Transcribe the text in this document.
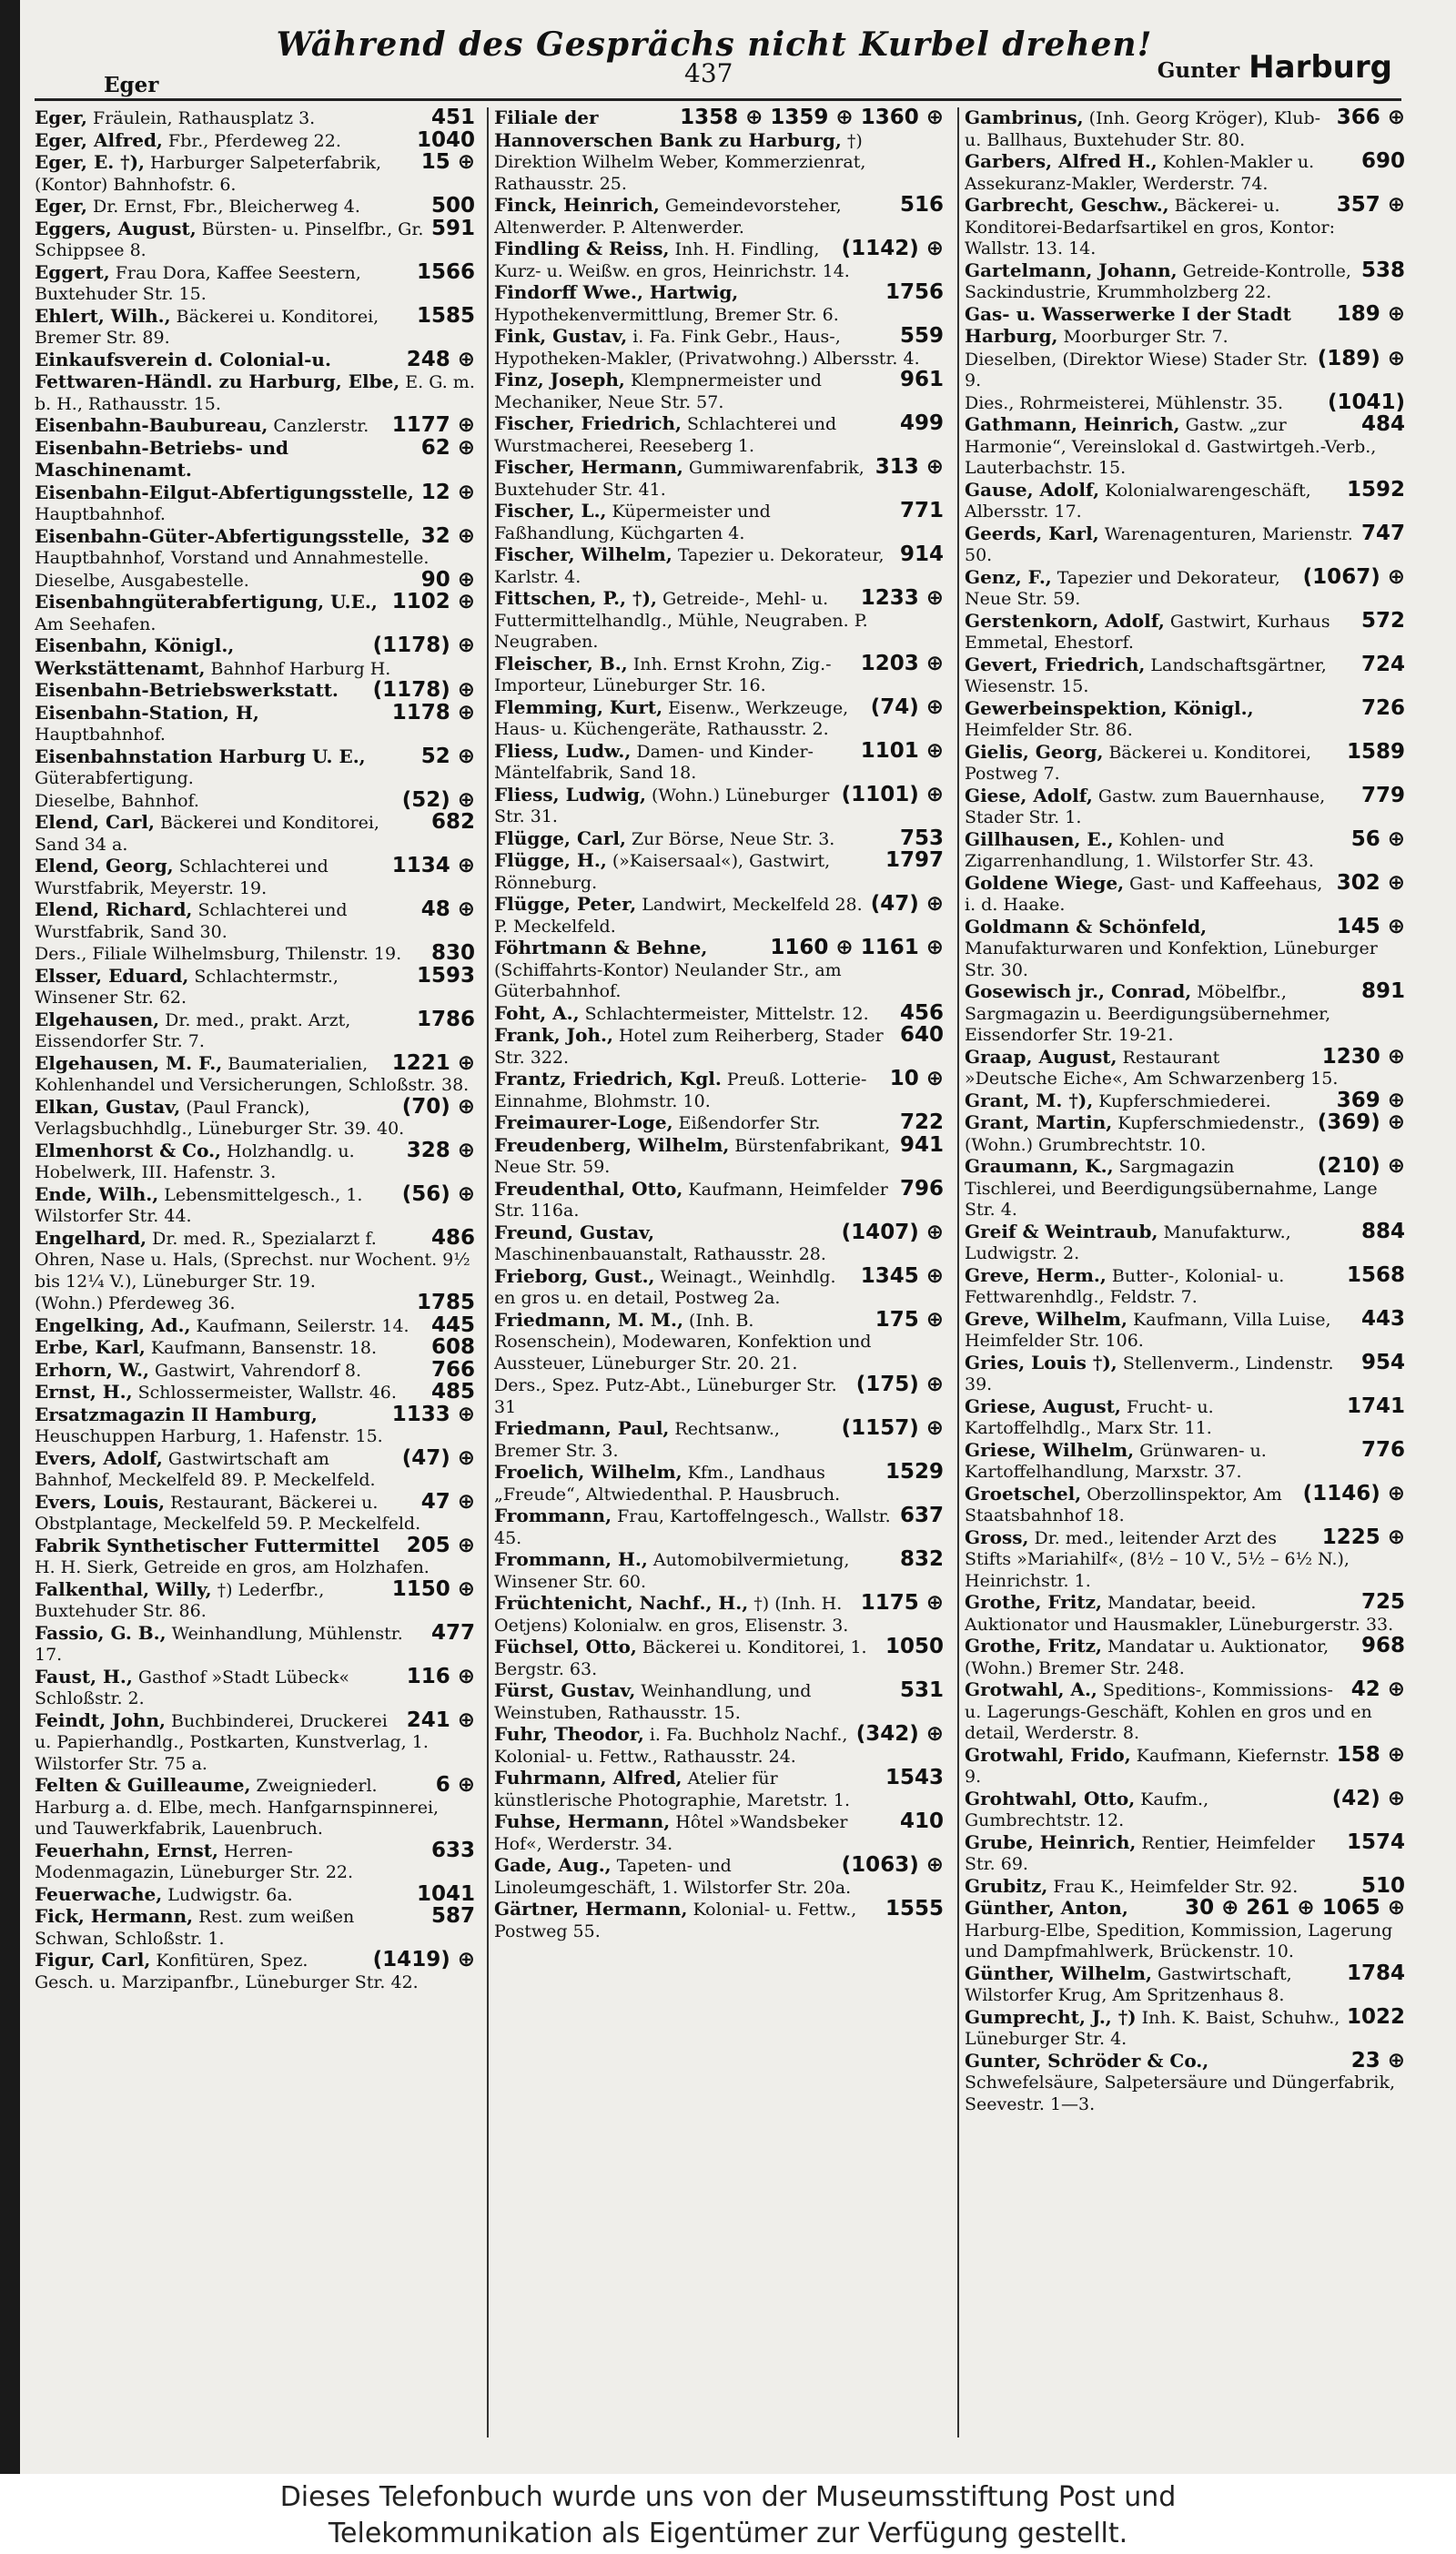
Während des Gesprächs nicht Kurbel drehen!
Eger	437	Gunter Harburg

451
Eger, Fräulein, Rathausplatz 3.

1040
Eger, Alfred, Fbr., Pferdeweg 22.

15 ⊕
Eger, E. †), Harburger Salpeterfabrik, (Kontor) Bahnhofstr. 6.

500
Eger, Dr. Ernst, Fbr., Bleicherweg 4.

591
Eggers, August, Bürsten- u. Pinselfbr., Gr. Schippsee 8.

1566
Eggert, Frau Dora, Kaffee Seestern, Buxtehuder Str. 15.

1585
Ehlert, Wilh., Bäckerei u. Konditorei, Bremer Str. 89.

248 ⊕
Einkaufsverein d. Colonial-u. Fettwaren-Händl. zu Harburg, Elbe, E. G. m. b. H., Rathausstr. 15.

1177 ⊕
Eisenbahn-Baubureau, Canzlerstr.

62 ⊕
Eisenbahn-Betriebs- und Maschinenamt.

12 ⊕
Eisenbahn-Eilgut-Abfertigungsstelle, Hauptbahnhof.

32 ⊕
Eisenbahn-Güter-Abfertigungsstelle, Hauptbahnhof, Vorstand und Annahmestelle.

90 ⊕
Dieselbe, Ausgabestelle.

1102 ⊕
Eisenbahngüterabfertigung, U.E., Am Seehafen.

(1178) ⊕
Eisenbahn, Königl., Werkstättenamt, Bahnhof Harburg H.

(1178) ⊕
Eisenbahn-Betriebswerkstatt.

1178 ⊕
Eisenbahn-Station, H, Hauptbahnhof.

52 ⊕
Eisenbahnstation Harburg U. E., Güterabfertigung.

(52) ⊕
Dieselbe, Bahnhof.

682
Elend, Carl, Bäckerei und Konditorei, Sand 34 a.

1134 ⊕
Elend, Georg, Schlachterei und Wurstfabrik, Meyerstr. 19.

48 ⊕
Elend, Richard, Schlachterei und Wurstfabrik, Sand 30.

830
Ders., Filiale Wilhelmsburg, Thilenstr. 19.

1593
Elsser, Eduard, Schlachtermstr., Winsener Str. 62.

1786
Elgehausen, Dr. med., prakt. Arzt, Eissendorfer Str. 7.

1221 ⊕
Elgehausen, M. F., Baumaterialien, Kohlenhandel und Versicherungen, Schloßstr. 38.

(70) ⊕
Elkan, Gustav, (Paul Franck), Verlagsbuchhdlg., Lüneburger Str. 39. 40.

328 ⊕
Elmenhorst & Co., Holzhandlg. u. Hobelwerk, III. Hafenstr. 3.

(56) ⊕
Ende, Wilh., Lebensmittelgesch., 1. Wilstorfer Str. 44.

486
Engelhard, Dr. med. R., Spezialarzt f. Ohren, Nase u. Hals, (Sprechst. nur Wochent. 9½ bis 12¼ V.), Lüneburger Str. 19.

1785
(Wohn.) Pferdeweg 36.

445
Engelking, Ad., Kaufmann, Seilerstr. 14.

608
Erbe, Karl, Kaufmann, Bansenstr. 18.

766
Erhorn, W., Gastwirt, Vahrendorf 8.

485
Ernst, H., Schlossermeister, Wallstr. 46.

1133 ⊕
Ersatzmagazin II Hamburg, Heuschuppen Harburg, 1. Hafenstr. 15.

(47) ⊕
Evers, Adolf, Gastwirtschaft am Bahnhof, Meckelfeld 89. P. Meckelfeld.

47 ⊕
Evers, Louis, Restaurant, Bäckerei u. Obstplantage, Meckelfeld 59. P. Meckelfeld.

205 ⊕
Fabrik Synthetischer Futtermittel H. H. Sierk, Getreide en gros, am Holzhafen.

1150 ⊕
Falkenthal, Willy, †) Lederfbr., Buxtehuder Str. 86.

477
Fassio, G. B., Weinhandlung, Mühlenstr. 17.

116 ⊕
Faust, H., Gasthof »Stadt Lübeck« Schloßstr. 2.

241 ⊕
Feindt, John, Buchbinderei, Druckerei u. Papierhandlg., Postkarten, Kunstverlag, 1. Wilstorfer Str. 75 a.

6 ⊕
Felten & Guilleaume, Zweigniederl. Harburg a. d. Elbe, mech. Hanfgarnspinnerei, und Tauwerkfabrik, Lauenbruch.

633
Feuerhahn, Ernst, Herren-Modenmagazin, Lüneburger Str. 22.

1041
Feuerwache, Ludwigstr. 6a.

587
Fick, Hermann, Rest. zum weißen Schwan, Schloßstr. 1.

(1419) ⊕
Figur, Carl, Konfitüren, Spez. Gesch. u. Marzipanfbr., Lüneburger Str. 42.

1358 ⊕ 1359 ⊕ 1360 ⊕
Filiale der Hannoverschen Bank zu Harburg, †) Direktion Wilhelm Weber, Kommerzienrat, Rathausstr. 25.

516
Finck, Heinrich, Gemeindevorsteher, Altenwerder. P. Altenwerder.

(1142) ⊕
Findling & Reiss, Inh. H. Findling, Kurz- u. Weißw. en gros, Heinrichstr. 14.

1756
Findorff Wwe., Hartwig, Hypothekenvermittlung, Bremer Str. 6.

559
Fink, Gustav, i. Fa. Fink Gebr., Haus-, Hypotheken-Makler, (Privatwohng.) Albersstr. 4.

961
Finz, Joseph, Klempnermeister und Mechaniker, Neue Str. 57.

499
Fischer, Friedrich, Schlachterei und Wurstmacherei, Reeseberg 1.

313 ⊕
Fischer, Hermann, Gummiwarenfabrik, Buxtehuder Str. 41.

771
Fischer, L., Küpermeister und Faßhandlung, Küchgarten 4.

914
Fischer, Wilhelm, Tapezier u. Dekorateur, Karlstr. 4.

1233 ⊕
Fittschen, P., †), Getreide-, Mehl- u. Futtermittelhandlg., Mühle, Neugraben. P. Neugraben.

1203 ⊕
Fleischer, B., Inh. Ernst Krohn, Zig.-Importeur, Lüneburger Str. 16.

(74) ⊕
Flemming, Kurt, Eisenw., Werkzeuge, Haus- u. Küchengeräte, Rathausstr. 2.

1101 ⊕
Fliess, Ludw., Damen- und Kinder-Mäntelfabrik, Sand 18.

(1101) ⊕
Fliess, Ludwig, (Wohn.) Lüneburger Str. 31.

753
Flügge, Carl, Zur Börse, Neue Str. 3.

1797
Flügge, H., (»Kaisersaal«), Gastwirt, Rönneburg.

(47) ⊕
Flügge, Peter, Landwirt, Meckelfeld 28. P. Meckelfeld.

1160 ⊕ 1161 ⊕
Föhrtmann & Behne, (Schiffahrts-Kontor) Neulander Str., am Güterbahnhof.

456
Foht, A., Schlachtermeister, Mittelstr. 12.

640
Frank, Joh., Hotel zum Reiherberg, Stader Str. 322.

10 ⊕
Frantz, Friedrich, Kgl. Preuß. Lotterie-Einnahme, Blohmstr. 10.

722
Freimaurer-Loge, Eißendorfer Str.

941
Freudenberg, Wilhelm, Bürstenfabrikant, Neue Str. 59.

796
Freudenthal, Otto, Kaufmann, Heimfelder Str. 116a.

(1407) ⊕
Freund, Gustav, Maschinenbauanstalt, Rathausstr. 28.

1345 ⊕
Frieborg, Gust., Weinagt., Weinhdlg. en gros u. en detail, Postweg 2a.

175 ⊕
Friedmann, M. M., (Inh. B. Rosenschein), Modewaren, Konfektion und Aussteuer, Lüneburger Str. 20. 21.

(175) ⊕
Ders., Spez. Putz-Abt., Lüneburger Str. 31

(1157) ⊕
Friedmann, Paul, Rechtsanw., Bremer Str. 3.

1529
Froelich, Wilhelm, Kfm., Landhaus „Freude“, Altwiedenthal. P. Hausbruch.

637
Frommann, Frau, Kartoffelngesch., Wallstr. 45.

832
Frommann, H., Automobilvermietung, Winsener Str. 60.

1175 ⊕
Früchtenicht, Nachf., H., †) (Inh. H. Oetjens) Kolonialw. en gros, Elisenstr. 3.

1050
Füchsel, Otto, Bäckerei u. Konditorei, 1. Bergstr. 63.

531
Fürst, Gustav, Weinhandlung, und Weinstuben, Rathausstr. 15.

(342) ⊕
Fuhr, Theodor, i. Fa. Buchholz Nachf., Kolonial- u. Fettw., Rathausstr. 24.

1543
Fuhrmann, Alfred, Atelier für künstlerische Photographie, Maretstr. 1.

410
Fuhse, Hermann, Hôtel »Wandsbeker Hof«, Werderstr. 34.

(1063) ⊕
Gade, Aug., Tapeten- und Linoleumgeschäft, 1. Wilstorfer Str. 20a.

1555
Gärtner, Hermann, Kolonial- u. Fettw., Postweg 55.

366 ⊕
Gambrinus, (Inh. Georg Kröger), Klub- u. Ballhaus, Buxtehuder Str. 80.

690
Garbers, Alfred H., Kohlen-Makler u. Assekuranz-Makler, Werderstr. 74.

357 ⊕
Garbrecht, Geschw., Bäckerei- u. Konditorei-Bedarfsartikel en gros, Kontor: Wallstr. 13. 14.

538
Gartelmann, Johann, Getreide-Kontrolle, Sackindustrie, Krummholzberg 22.

189 ⊕
Gas- u. Wasserwerke I der Stadt Harburg, Moorburger Str. 7.

(189) ⊕
Dieselben, (Direktor Wiese) Stader Str. 9.

(1041)
Dies., Rohrmeisterei, Mühlenstr. 35.

484
Gathmann, Heinrich, Gastw. „zur Harmonie“, Vereinslokal d. Gastwirtgeh.-Verb., Lauterbachstr. 15.

1592
Gause, Adolf, Kolonialwarengeschäft, Albersstr. 17.

747
Geerds, Karl, Warenagenturen, Marienstr. 50.

(1067) ⊕
Genz, F., Tapezier und Dekorateur, Neue Str. 59.

572
Gerstenkorn, Adolf, Gastwirt, Kurhaus Emmetal, Ehestorf.

724
Gevert, Friedrich, Landschaftsgärtner, Wiesenstr. 15.

726
Gewerbeinspektion, Königl., Heimfelder Str. 86.

1589
Gielis, Georg, Bäckerei u. Konditorei, Postweg 7.

779
Giese, Adolf, Gastw. zum Bauernhause, Stader Str. 1.

56 ⊕
Gillhausen, E., Kohlen- und Zigarrenhandlung, 1. Wilstorfer Str. 43.

302 ⊕
Goldene Wiege, Gast- und Kaffeehaus, i. d. Haake.

145 ⊕
Goldmann & Schönfeld, Manufakturwaren und Konfektion, Lüneburger Str. 30.

891
Gosewisch jr., Conrad, Möbelfbr., Sargmagazin u. Beerdigungsübernehmer, Eissendorfer Str. 19-21.

1230 ⊕
Graap, August, Restaurant »Deutsche Eiche«, Am Schwarzenberg 15.

369 ⊕
Grant, M. †), Kupferschmiederei.

(369) ⊕
Grant, Martin, Kupferschmiedenstr., (Wohn.) Grumbrechtstr. 10.

(210) ⊕
Graumann, K., Sargmagazin Tischlerei, und Beerdigungsübernahme, Lange Str. 4.

884
Greif & Weintraub, Manufakturw., Ludwigstr. 2.

1568
Greve, Herm., Butter-, Kolonial- u. Fettwarenhdlg., Feldstr. 7.

443
Greve, Wilhelm, Kaufmann, Villa Luise, Heimfelder Str. 106.

954
Gries, Louis †), Stellenverm., Lindenstr. 39.

1741
Griese, August, Frucht- u. Kartoffelhdlg., Marx Str. 11.

776
Griese, Wilhelm, Grünwaren- u. Kartoffelhandlung, Marxstr. 37.

(1146) ⊕
Groetschel, Oberzollinspektor, Am Staatsbahnhof 18.

1225 ⊕
Gross, Dr. med., leitender Arzt des Stifts »Mariahilf«, (8½ – 10 V., 5½ – 6½ N.), Heinrichstr. 1.

725
Grothe, Fritz, Mandatar, beeid. Auktionator und Hausmakler, Lüneburgerstr. 33.

968
Grothe, Fritz, Mandatar u. Auktionator, (Wohn.) Bremer Str. 248.

42 ⊕
Grotwahl, A., Speditions-, Kommissions- u. Lagerungs-Geschäft, Kohlen en gros und en detail, Werderstr. 8.

158 ⊕
Grotwahl, Frido, Kaufmann, Kiefernstr. 9.

(42) ⊕
Grohtwahl, Otto, Kaufm., Gumbrechtstr. 12.

1574
Grube, Heinrich, Rentier, Heimfelder Str. 69.

510
Grubitz, Frau K., Heimfelder Str. 92.

30 ⊕ 261 ⊕ 1065 ⊕
Günther, Anton, Harburg-Elbe, Spedition, Kommission, Lagerung und Dampfmahlwerk, Brückenstr. 10.

1784
Günther, Wilhelm, Gastwirtschaft, Wilstorfer Krug, Am Spritzenhaus 8.

1022
Gumprecht, J., †) Inh. K. Baist, Schuhw., Lüneburger Str. 4.

23 ⊕
Gunter, Schröder & Co., Schwefelsäure, Salpetersäure und Düngerfabrik, Seevestr. 1—3.

Dieses Telefonbuch wurde uns von der Museumsstiftung Post und
Telekommunikation als Eigentümer zur Verfügung gestellt.
